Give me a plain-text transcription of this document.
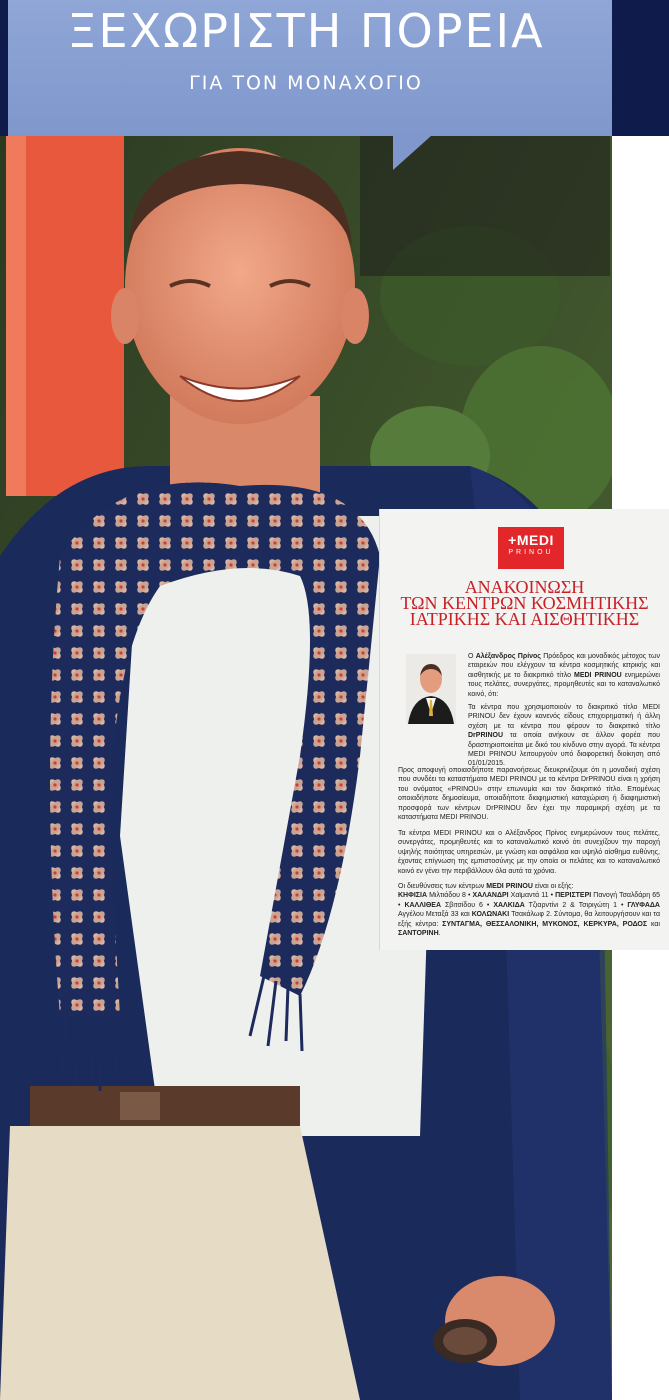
ΞΕΧΩΡΙΣΤΗ ΠΟΡΕΙΑ
ΓΙΑ ΤΟΝ ΜΟΝΑΧΟΓΙΟ
+MEDI
PRINOU
ΑΝΑΚΟΙΝΩΣΗ
ΤΩΝ ΚΕΝΤΡΩΝ ΚΟΣΜΗΤΙΚΗΣ
ΙΑΤΡΙΚΗΣ ΚΑΙ ΑΙΣΘΗΤΙΚΗΣ

Ο Αλέξανδρος Πρίνος Πρόεδρος και μοναδικός μέτοχος των εταιρειών που ελέγχουν τα κέντρα κοσμητικής ιατρικής και αισθητικής με το διακριτικό τίτλο MEDI PRINOU ενημερώνει τους πελάτες, συνεργάτες, προμηθευτές και το καταναλωτικό κοινό, ότι:

Τα κέντρα που χρησιμοποιούν το διακριτικό τίτλο MEDI PRINOU δεν έχουν κανενός είδους επιχειρηματική ή άλλη σχέση με τα κέντρα που φέρουν το διακριτικό τίτλο DrPRINOU τα οποία ανήκουν σε άλλον φορέα που δραστηριοποιείται με δικό του κίνδυνο στην αγορά. Τα κέντρα MEDI PRINOU λειτουργούν υπό διαφορετική διοίκηση από 01/01/2015.

Προς αποφυγή οποιασδήποτε παρανοήσεως διευκρινίζουμε ότι η μοναδική σχέση που συνδέει τα καταστήματα MEDI PRINOU με τα κέντρα DrPRINOU είναι η χρήση του ονόματος «PRINOU» στην επωνυμία και τον διακριτικό τίτλο. Επομένως οποιαδήποτε δημοσίευμα, οποιαδήποτε διαφημιστική καταχώριση ή διαφημιστική προσφορά των κέντρων DrPRINOU δεν έχει την παραμικρή σχέση με τα καταστήματα MEDI PRINOU.

Τα κέντρα MEDI PRINOU και ο Αλέξανδρος Πρίνος ενημερώνουν τους πελάτες, συνεργάτες, προμηθευτές και το καταναλωτικό κοινό ότι συνεχίζουν την παροχή υψηλής ποιότητας υπηρεσιών, με γνώση και ασφάλεια και υψηλό αίσθημα ευθύνης, έχοντας επίγνωση της εμπιστοσύνης με την οποία οι πελάτες και το καταναλωτικό κοινό εν γένει την περιβάλλουν όλα αυτά τα χρόνια.

Οι διευθύνσεις των κέντρων MEDI PRINOU είναι οι εξής:
ΚΗΦΙΣΙΑ Μιλτιάδου 8 • ΧΑΛΑΝΔΡΙ Χαϊμαντά 11 • ΠΕΡΙΣΤΕΡΙ Πανογή Τσαλδάρη 65 • ΚΑΛΛΙΘΕΑ Σβιτσίδου 6 • ΧΑΛΚΙΔΑ Τζιαρντίνι 2 & Τσιριγώτη 1 • ΓΛΥΦΑΔΑ Αγγέλου Μεταξά 33 και ΚΟΛΩΝΑΚΙ Τσακάλωφ 2. Σύντομα, θα λειτουργήσουν και τα εξής κέντρα: ΣΥΝΤΑΓΜΑ, ΘΕΣΣΑΛΟΝΙΚΗ, ΜΥΚΟΝΟΣ, ΚΕΡΚΥΡΑ, ΡΟΔΟΣ και ΣΑΝΤΟΡΙΝΗ.
